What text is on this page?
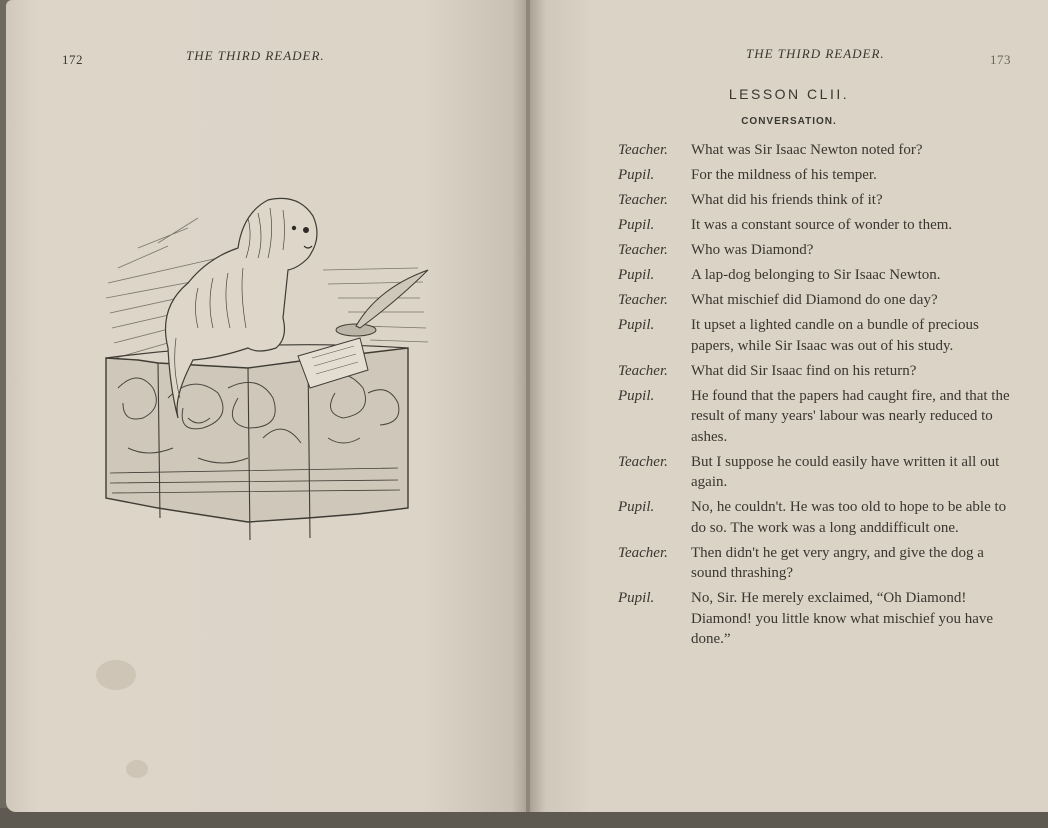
172	THE THIRD READER.	THE THIRD READER.	173
LESSON CLII.
CONVERSATION.
Teacher. What was Sir Isaac Newton noted for?
Pupil. For the mildness of his temper.
Teacher. What did his friends think of it?
Pupil. It was a constant source of wonder to them.
Teacher. Who was Diamond?
Pupil. A lap-dog belonging to Sir Isaac Newton.
Teacher. What mischief did Diamond do one day?
Pupil. It upset a lighted candle on a bundle of precious papers, while Sir Isaac was out of his study.
Teacher. What did Sir Isaac find on his return?
Pupil. He found that the papers had caught fire, and that the result of many years' labour was nearly reduced to ashes.
Teacher. But I suppose he could easily have written it all out again.
Pupil. No, he couldn't. He was too old to hope to be able to do so. The work was a long anddifficult one.
Teacher. Then didn't he get very angry, and give the dog a sound thrashing?
Pupil. No, Sir. He merely exclaimed, “Oh Diamond! Diamond! you little know what mischief you have done.”
